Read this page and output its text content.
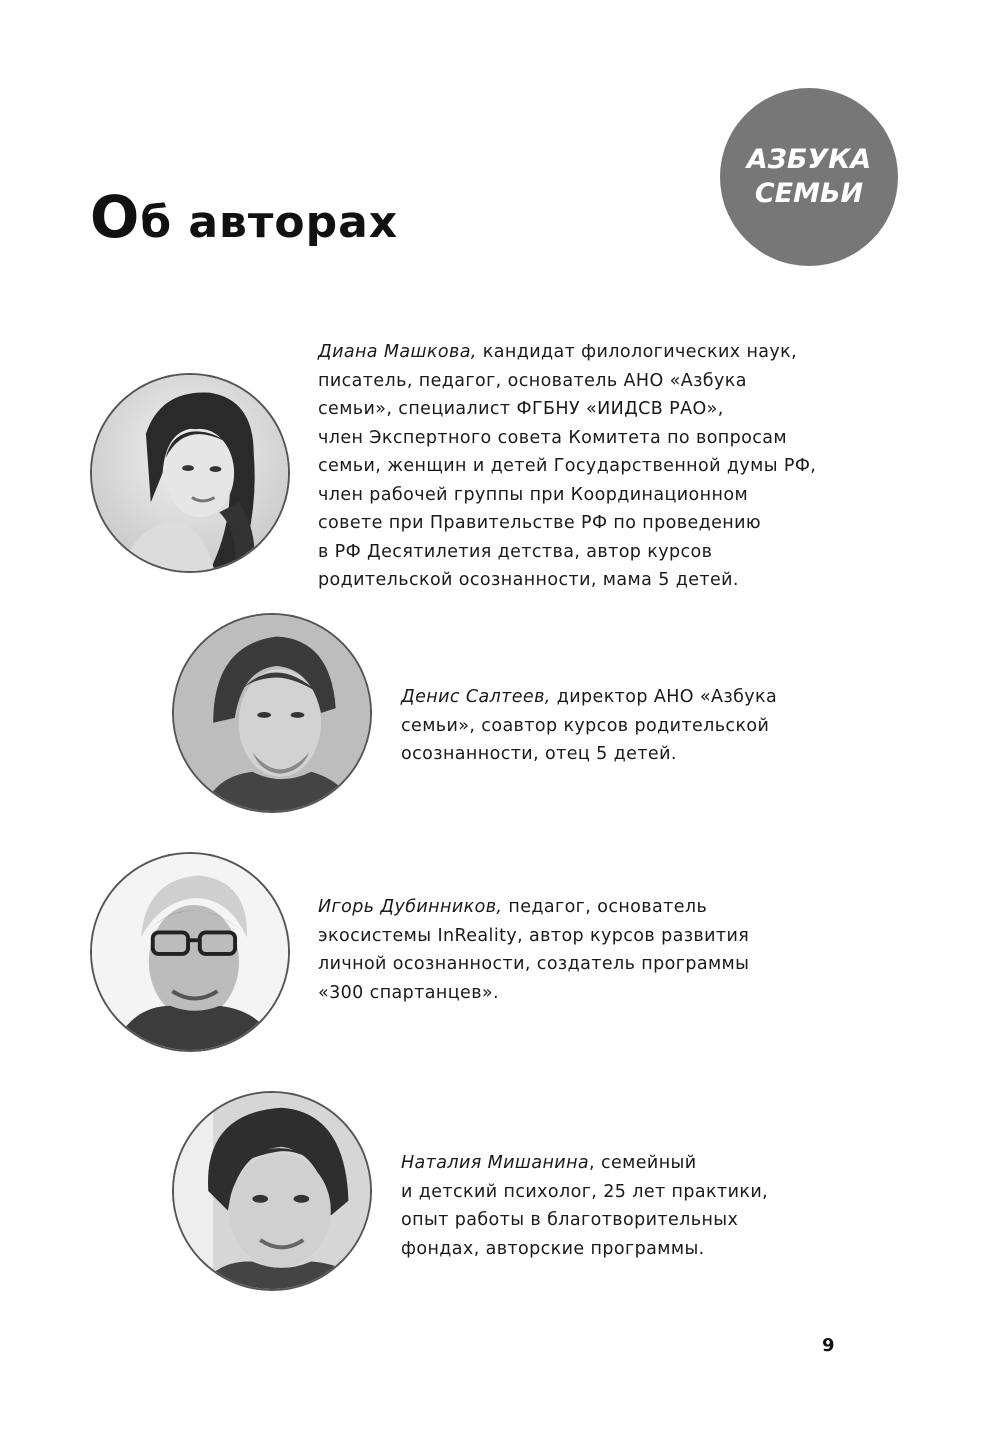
Об авторах
АЗБУКА
СЕМЬИ
Диана Машкова, кандидат филологических наук,
писатель, педагог, основатель АНО «Азбука
семьи», специалист ФГБНУ «ИИДСВ РАО»,
член Экспертного совета Комитета по вопросам
семьи, женщин и детей Государственной думы РФ,
член рабочей группы при Координационном
совете при Правительстве РФ по проведению
в РФ Десятилетия детства, автор курсов
родительской осознанности, мама 5 детей.
Денис Салтеев, директор АНО «Азбука
семьи», соавтор курсов родительской
осознанности, отец 5 детей.
Игорь Дубинников, педагог, основатель
экосистемы InReality, автор курсов развития
личной осознанности, создатель программы
«300 спартанцев».
Наталия Мишанина, семейный
и детский психолог, 25 лет практики,
опыт работы в благотворительных
фондах, авторские программы.
9
